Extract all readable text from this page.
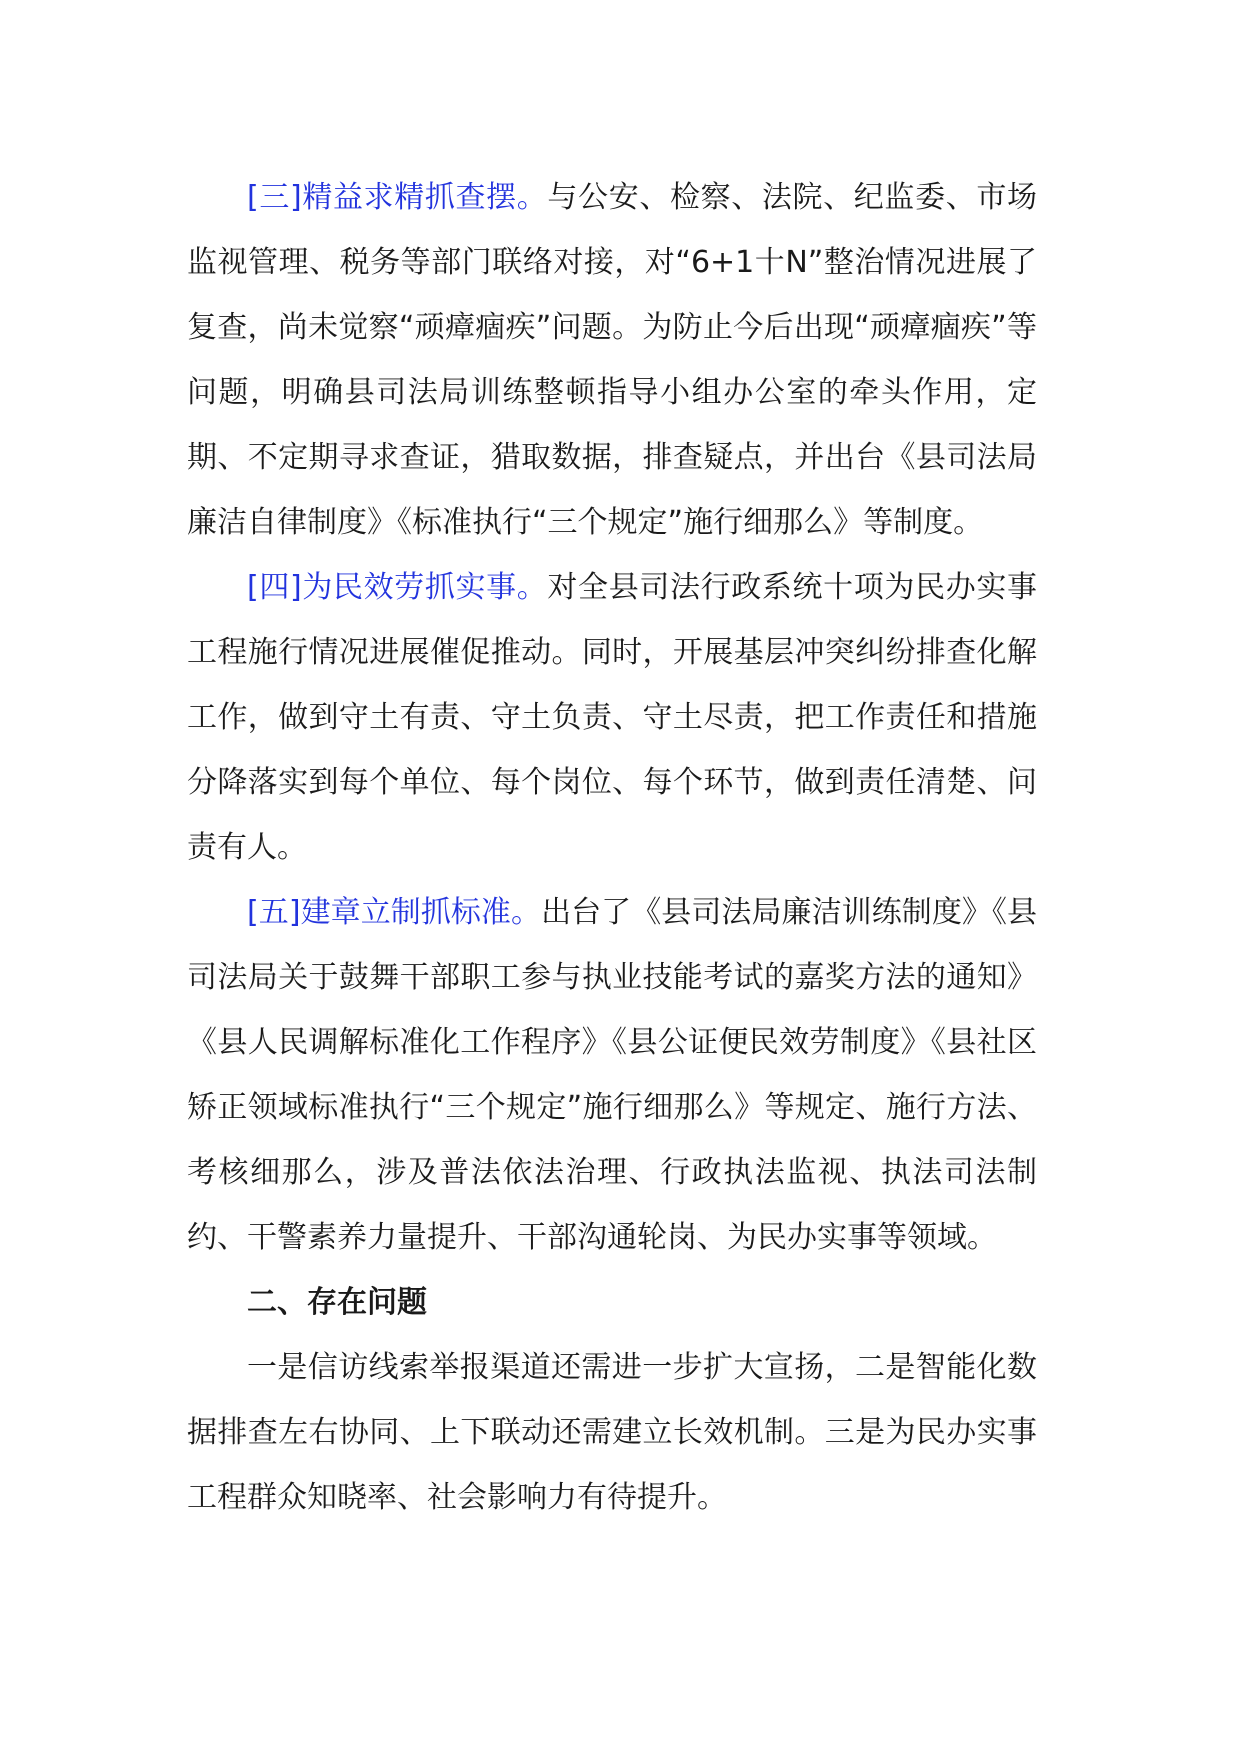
[三]精益求精抓查摆。与公安、检察、法院、纪监委、市场监视管理、税务等部门联络对接，对“6+1十N”整治情况进展了复查，尚未觉察“顽瘴痼疾”问题。为防止今后出现“顽瘴痼疾”等问题，明确县司法局训练整顿指导小组办公室的牵头作用，定期、不定期寻求查证，猎取数据，排查疑点，并出台《县司法局廉洁自律制度》《标准执行“三个规定”施行细那么》等制度。

[四]为民效劳抓实事。对全县司法行政系统十项为民办实事工程施行情况进展催促推动。同时，开展基层冲突纠纷排查化解工作，做到守土有责、守土负责、守土尽责，把工作责任和措施分降落实到每个单位、每个岗位、每个环节，做到责任清楚、问责有人。

[五]建章立制抓标准。出台了《县司法局廉洁训练制度》《县司法局关于鼓舞干部职工参与执业技能考试的嘉奖方法的通知》《县人民调解标准化工作程序》《县公证便民效劳制度》《县社区矫正领域标准执行“三个规定”施行细那么》等规定、施行方法、考核细那么，涉及普法依法治理、行政执法监视、执法司法制约、干警素养力量提升、干部沟通轮岗、为民办实事等领域。

二、存在问题

一是信访线索举报渠道还需进一步扩大宣扬，二是智能化数据排查左右协同、上下联动还需建立长效机制。三是为民办实事工程群众知晓率、社会影响力有待提升。
